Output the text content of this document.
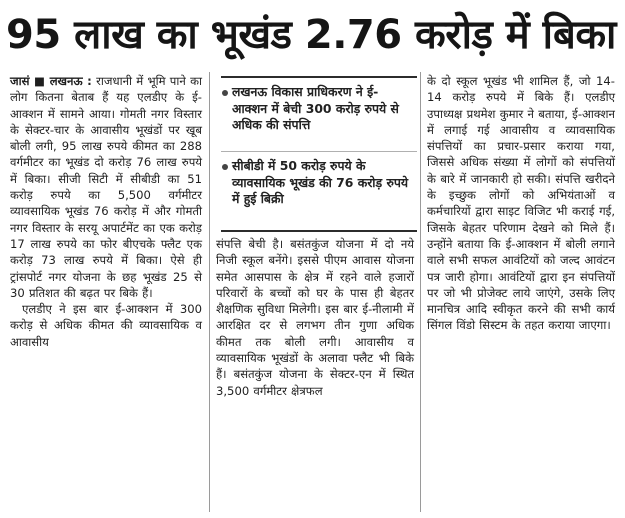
95 लाख का भूखंड 2.76 करोड़ में बिका

जासं ■ लखनऊ : राजधानी में भूमि पाने का लोग कितना बेताब हैं यह एलडीए के ई-आक्शन में सामने आया। गोमती नगर विस्तार के सेक्टर-चार के आवासीय भूखंडों पर खूब बोली लगी, 95 लाख रुपये कीमत का 288 वर्गमीटर का भूखंड दो करोड़ 76 लाख रुपये में बिका। सीजी सिटी में सीबीडी का 51 करोड़ रुपये का 5,500 वर्गमीटर व्यावसायिक भूखंड 76 करोड़ में और गोमती नगर विस्तार के सरयू अपार्टमेंट का एक करोड़ 17 लाख रुपये का फोर बीएचके फ्लैट एक करोड़ 73 लाख रुपये में बिका। ऐसे ही ट्रांसपोर्ट नगर योजना के छह भूखंड 25 से 30 प्रतिशत की बढ़त पर बिके हैं।

एलडीए ने इस बार ई-आक्शन में 300 करोड़ से अधिक कीमत की व्यावसायिक व आवासीय

लखनऊ विकास प्राधिकरण ने ई-आक्शन में बेची 300 करोड़ रुपये से अधिक की संपत्ति
सीबीडी में 50 करोड़ रुपये के व्यावसायिक भूखंड की 76 करोड़ रुपये में हुई बिक्री

संपत्ति बेची है। बसंतकुंज योजना में दो नये निजी स्कूल बनेंगे। इससे पीएम आवास योजना समेत आसपास के क्षेत्र में रहने वाले हजारों परिवारों के बच्चों को घर के पास ही बेहतर शैक्षणिक सुविधा मिलेगी। इस बार ई-नीलामी में आरक्षित दर से लगभग तीन गुणा अधिक कीमत तक बोली लगी। आवासीय व व्यावसायिक भूखंडों के अलावा फ्लैट भी बिके हैं। बसंतकुंज योजना के सेक्टर-एन में स्थित 3,500 वर्गमीटर क्षेत्रफल

के दो स्कूल भूखंड भी शामिल हैं, जो 14-14 करोड़ रुपये में बिके हैं। एलडीए उपाध्यक्ष प्रथमेश कुमार ने बताया, ई-आक्शन में लगाई गई आवासीय व व्यावसायिक संपत्तियों का प्रचार-प्रसार कराया गया, जिससे अधिक संख्या में लोगों को संपत्तियों के बारे में जानकारी हो सकी। संपत्ति खरीदने के इच्छुक लोगों को अभियंताओं व कर्मचारियों द्वारा साइट विजिट भी कराई गई, जिसके बेहतर परिणाम देखने को मिले हैं। उन्होंने बताया कि ई-आक्शन में बोली लगाने वाले सभी सफल आवंटियों को जल्द आवंटन पत्र जारी होगा। आवंटियों द्वारा इन संपत्तियों पर जो भी प्रोजेक्ट लाये जाएंगे, उसके लिए मानचित्र आदि स्वीकृत करने की सभी कार्य सिंगल विंडो सिस्टम के तहत कराया जाएगा।
